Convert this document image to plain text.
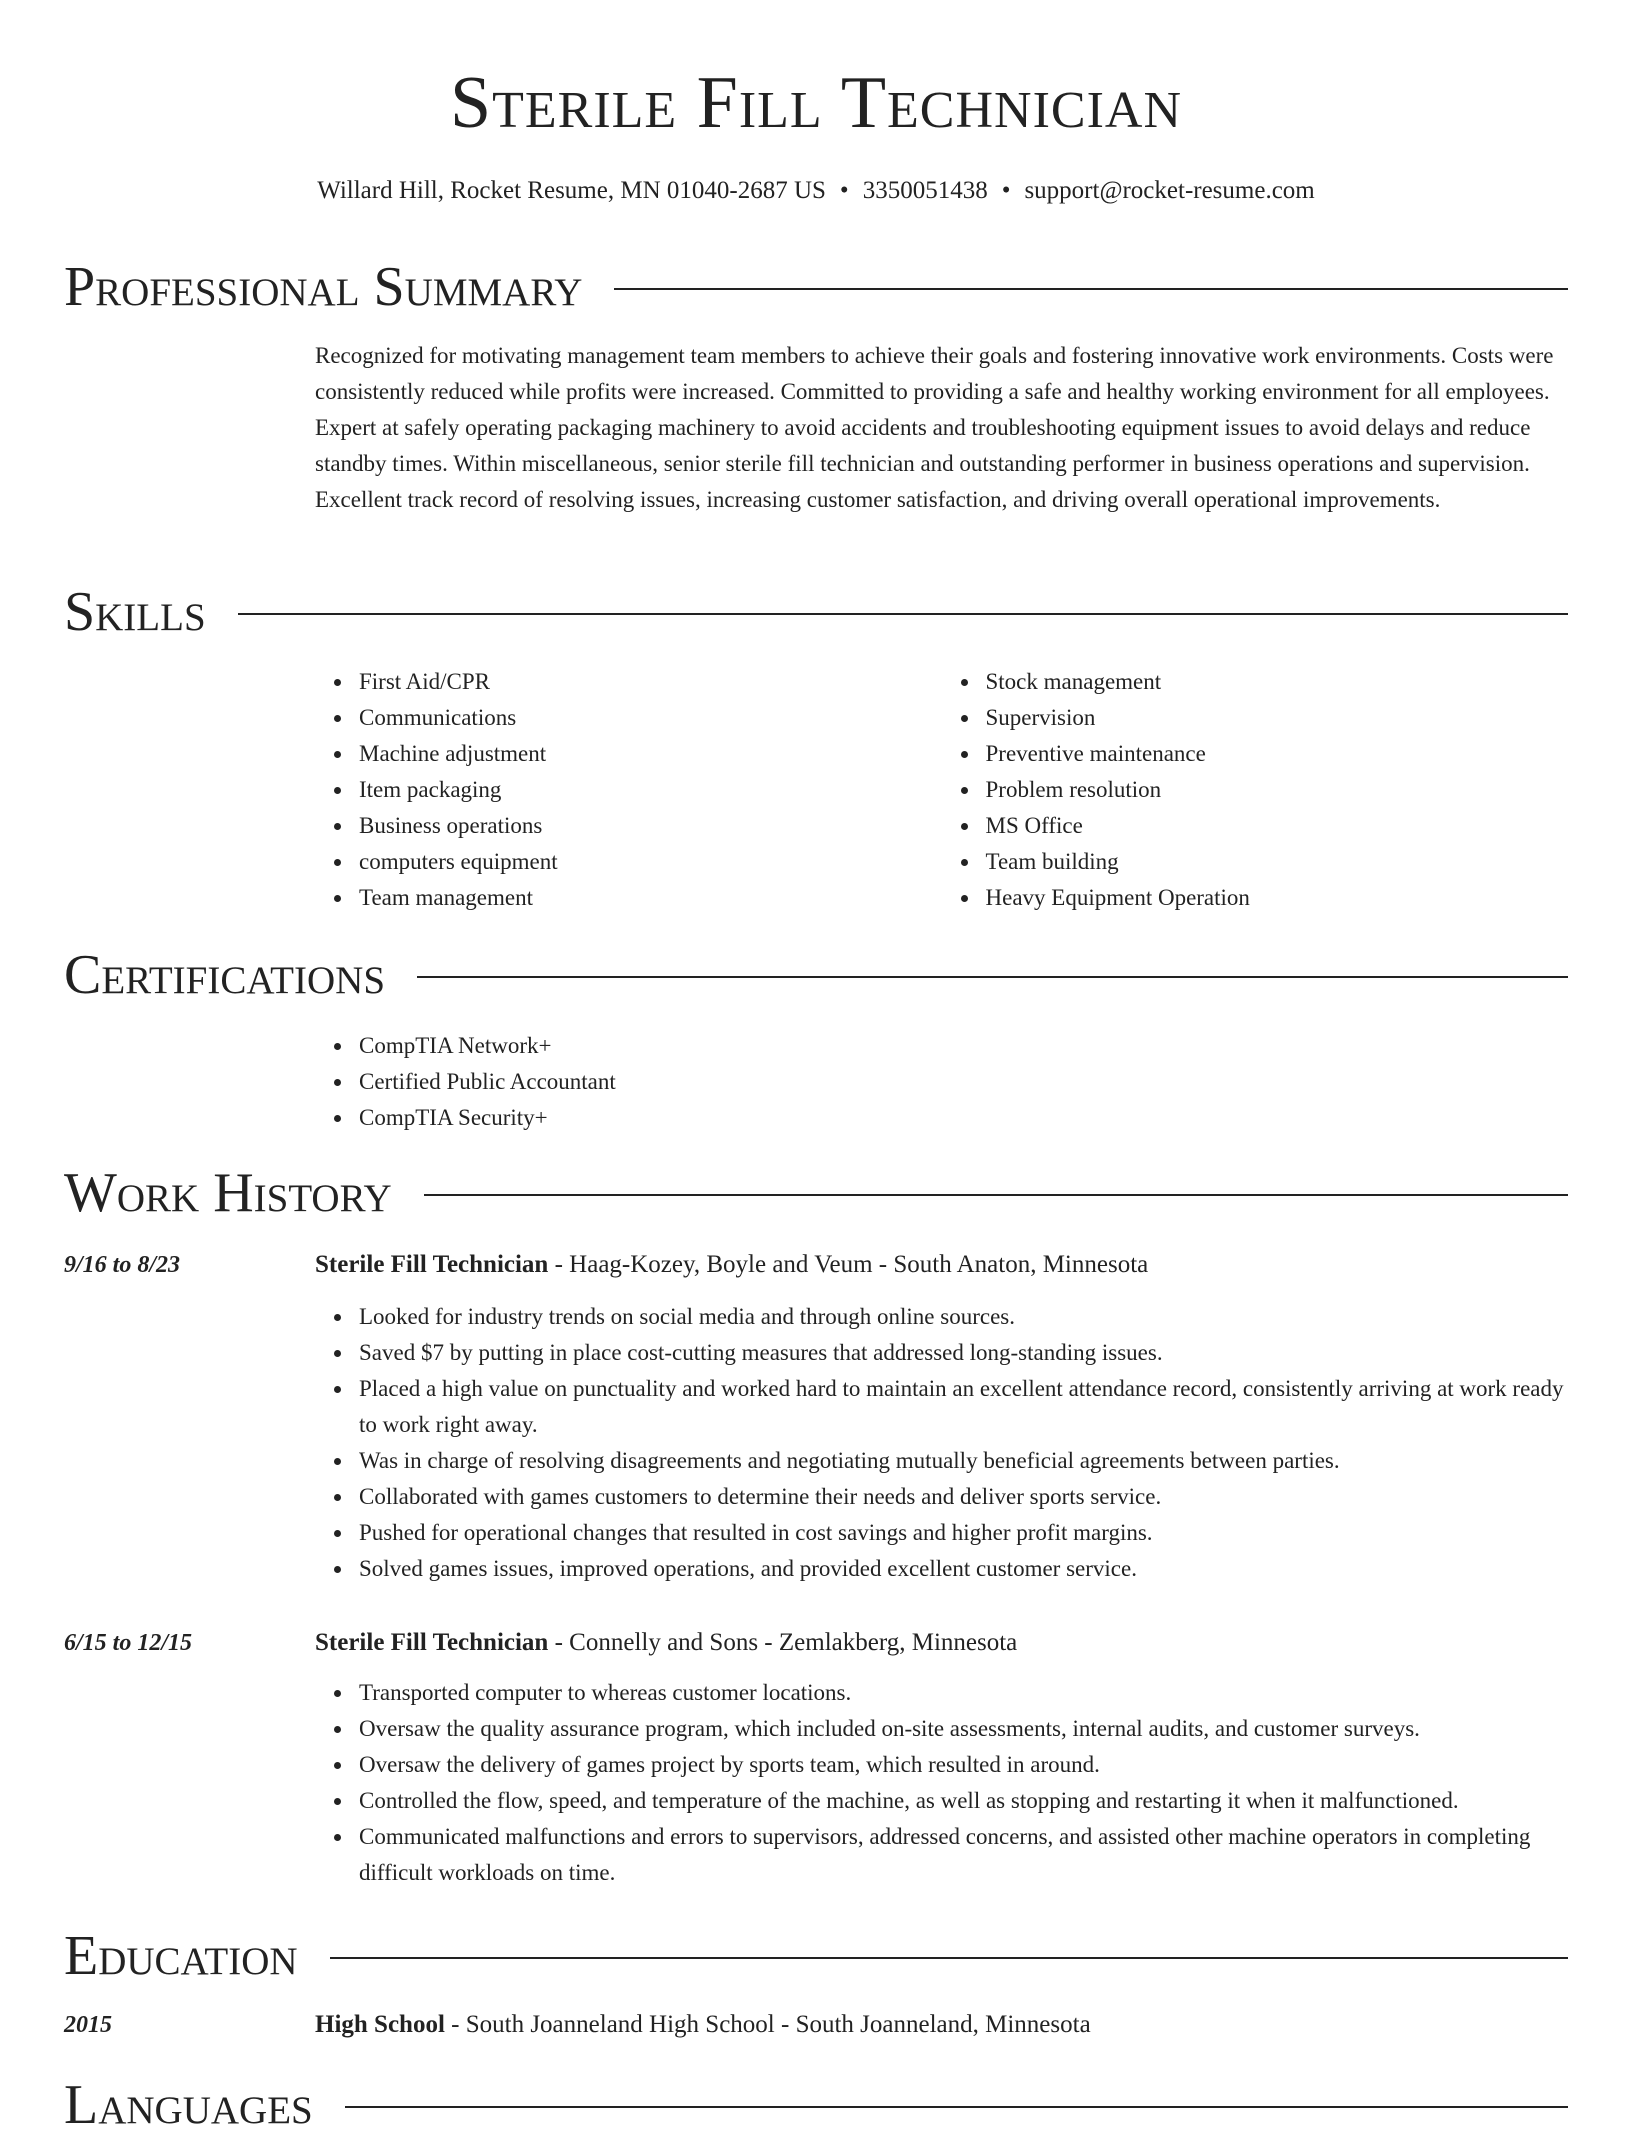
Sterile Fill Technician
Willard Hill, Rocket Resume, MN 01040-2687 US • 3350051438 • support@rocket-resume.com
Professional Summary

Recognized for motivating management team members to achieve their goals and fostering innovative work environments. Costs were consistently reduced while profits were increased. Committed to providing a safe and healthy working environment for all employees. Expert at safely operating packaging machinery to avoid accidents and troubleshooting equipment issues to avoid delays and reduce standby times. Within miscellaneous, senior sterile fill technician and outstanding performer in business operations and supervision. Excellent track record of resolving issues, increasing customer satisfaction, and driving overall operational improvements.

Skills
First Aid/CPR
Communications
Machine adjustment
Item packaging
Business operations
computers equipment
Team management
Stock management
Supervision
Preventive maintenance
Problem resolution
MS Office
Team building
Heavy Equipment Operation
Certifications
CompTIA Network+
Certified Public Accountant
CompTIA Security+
Work History
9/16 to 8/23	Sterile Fill Technician - Haag-Kozey, Boyle and Veum - South Anaton, Minnesota
Looked for industry trends on social media and through online sources.
Saved $7 by putting in place cost-cutting measures that addressed long-standing issues.
Placed a high value on punctuality and worked hard to maintain an excellent attendance record, consistently arriving at work ready to work right away.
Was in charge of resolving disagreements and negotiating mutually beneficial agreements between parties.
Collaborated with games customers to determine their needs and deliver sports service.
Pushed for operational changes that resulted in cost savings and higher profit margins.
Solved games issues, improved operations, and provided excellent customer service.
6/15 to 12/15	Sterile Fill Technician - Connelly and Sons - Zemlakberg, Minnesota
Transported computer to whereas customer locations.
Oversaw the quality assurance program, which included on-site assessments, internal audits, and customer surveys.
Oversaw the delivery of games project by sports team, which resulted in around.
Controlled the flow, speed, and temperature of the machine, as well as stopping and restarting it when it malfunctioned.
Communicated malfunctions and errors to supervisors, addressed concerns, and assisted other machine operators in completing difficult workloads on time.
Education
2015	High School - South Joanneland High School - South Joanneland, Minnesota
Languages
